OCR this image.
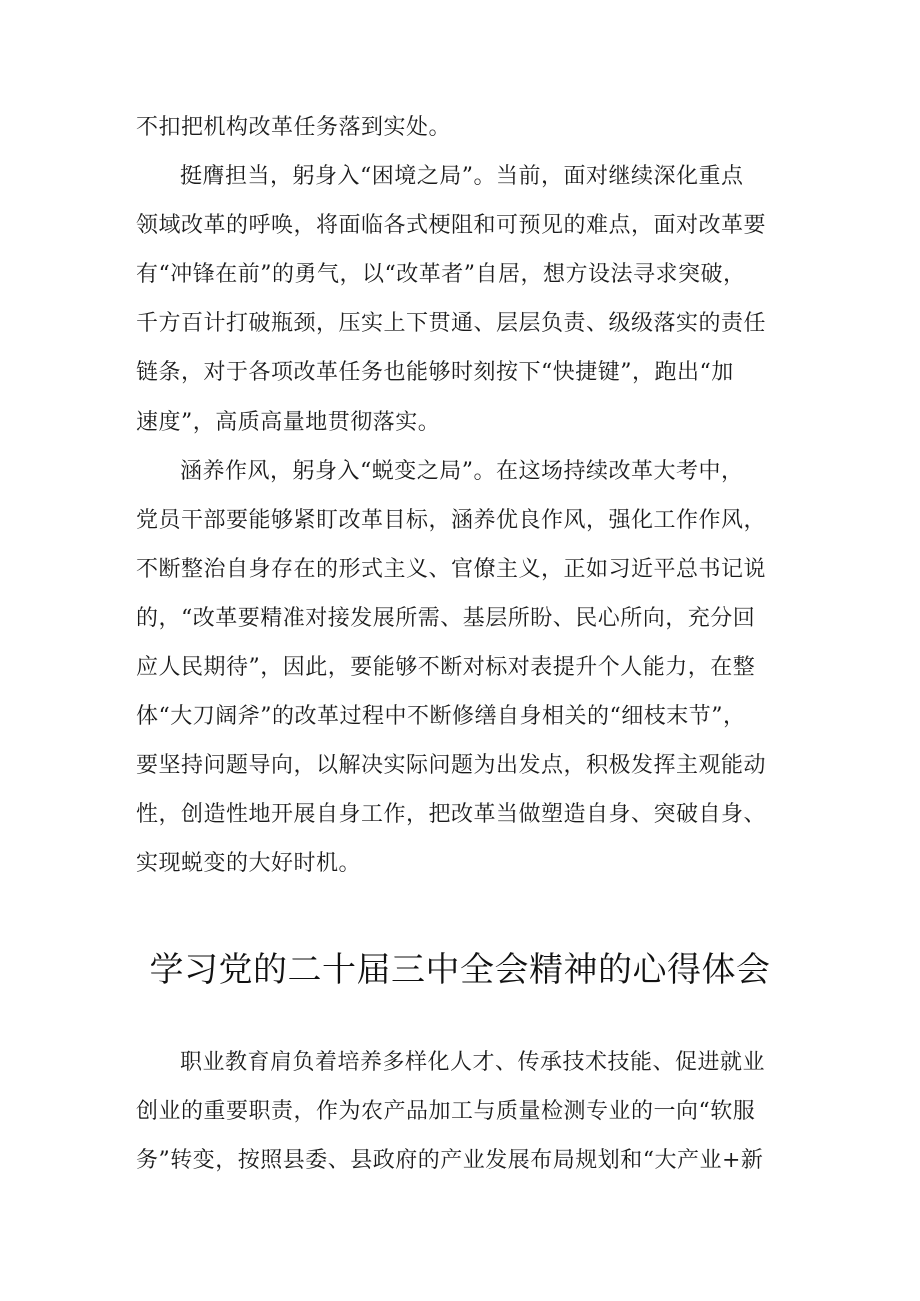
不扣把机构改革任务落到实处。
挺膺担当，躬身入“困境之局”。当前，面对继续深化重点
领域改革的呼唤，将面临各式梗阻和可预见的难点，面对改革要
有“冲锋在前”的勇气，以“改革者”自居，想方设法寻求突破，
千方百计打破瓶颈，压实上下贯通、层层负责、级级落实的责任
链条，对于各项改革任务也能够时刻按下“快捷键”，跑出“加
速度”，高质高量地贯彻落实。
涵养作风，躬身入“蜕变之局”。在这场持续改革大考中，
党员干部要能够紧盯改革目标，涵养优良作风，强化工作作风，
不断整治自身存在的形式主义、官僚主义，正如习近平总书记说
的，“改革要精准对接发展所需、基层所盼、民心所向，充分回
应人民期待”，因此，要能够不断对标对表提升个人能力，在整
体“大刀阔斧”的改革过程中不断修缮自身相关的“细枝末节”，
要坚持问题导向，以解决实际问题为出发点，积极发挥主观能动
性，创造性地开展自身工作，把改革当做塑造自身、突破自身、
实现蜕变的大好时机。
学习党的二十届三中全会精神的心得体会
职业教育肩负着培养多样化人才、传承技术技能、促进就业
创业的重要职责，作为农产品加工与质量检测专业的一向“软服
务”转变，按照县委、县政府的产业发展布局规划和“大产业+新
